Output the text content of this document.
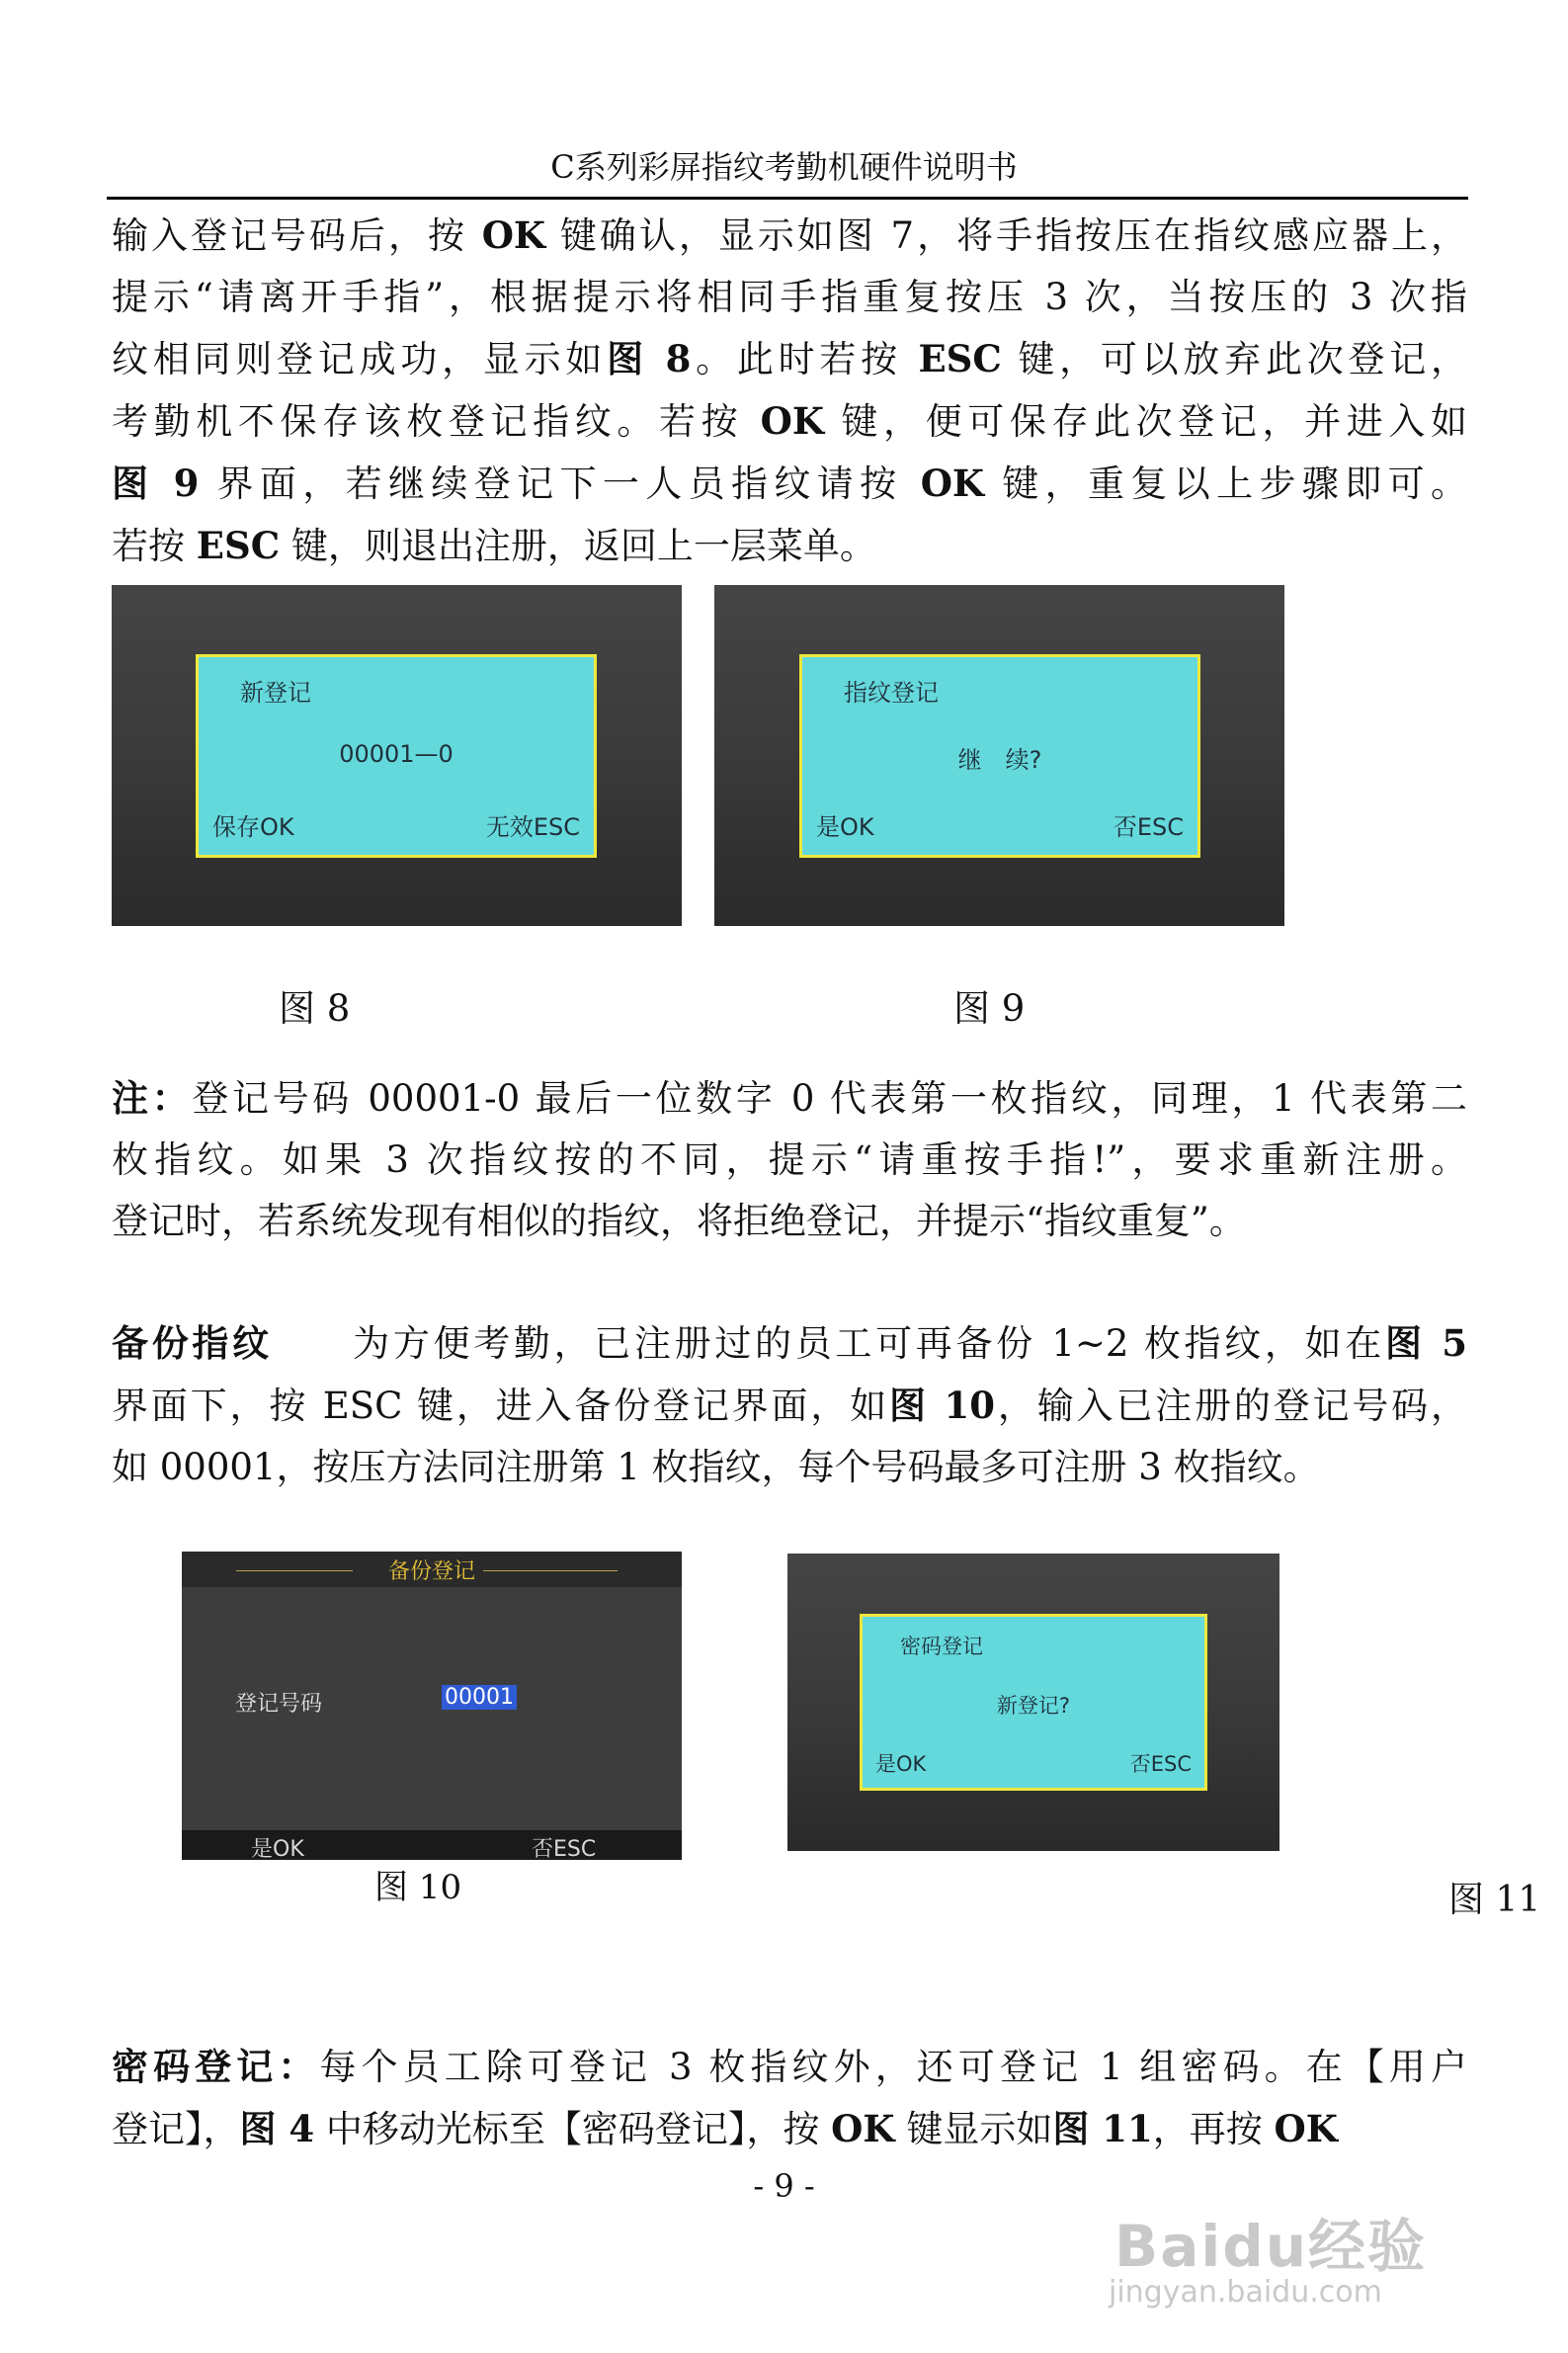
C系列彩屏指纹考勤机硬件说明书
输入登记号码后，按 OK 键确认，显示如图 7，将手指按压在指纹感应器上，
提示“请离开手指”，根据提示将相同手指重复按压 3 次，当按压的 3 次指
纹相同则登记成功，显示如图 8。此时若按 ESC 键，可以放弃此次登记，
考勤机不保存该枚登记指纹。若按 OK 键，便可保存此次登记，并进入如
图 9 界面，若继续登记下一人员指纹请按 OK 键，重复以上步骤即可。
若按 ESC 键，则退出注册，返回上一层菜单。
新登记
00001—0
保存OK	无效ESC
指纹登记
继　续?
是OK	否ESC
图 8	图 9
注：登记号码 00001-0 最后一位数字 0 代表第一枚指纹，同理，1 代表第二
枚指纹。如果 3 次指纹按的不同，提示“请重按手指!”，要求重新注册。
登记时，若系统发现有相似的指纹，将拒绝登记，并提示“指纹重复”。
备份指纹　　为方便考勤，已注册过的员工可再备份 1~2 枚指纹，如在图 5
界面下，按 ESC 键，进入备份登记界面，如图 10，输入已注册的登记号码，
如 00001，按压方法同注册第 1 枚指纹，每个号码最多可注册 3 枚指纹。
备份登记
登记号码	00001
是OK	否ESC
图 10
密码登记
新登记?
是OK	否ESC
图 11
密码登记：每个员工除可登记 3 枚指纹外，还可登记 1 组密码。在【用户
登记】，图 4 中移动光标至【密码登记】，按 OK 键显示如图 11，再按 OK
- 9 -
Baidu经验
jingyan.baidu.com
